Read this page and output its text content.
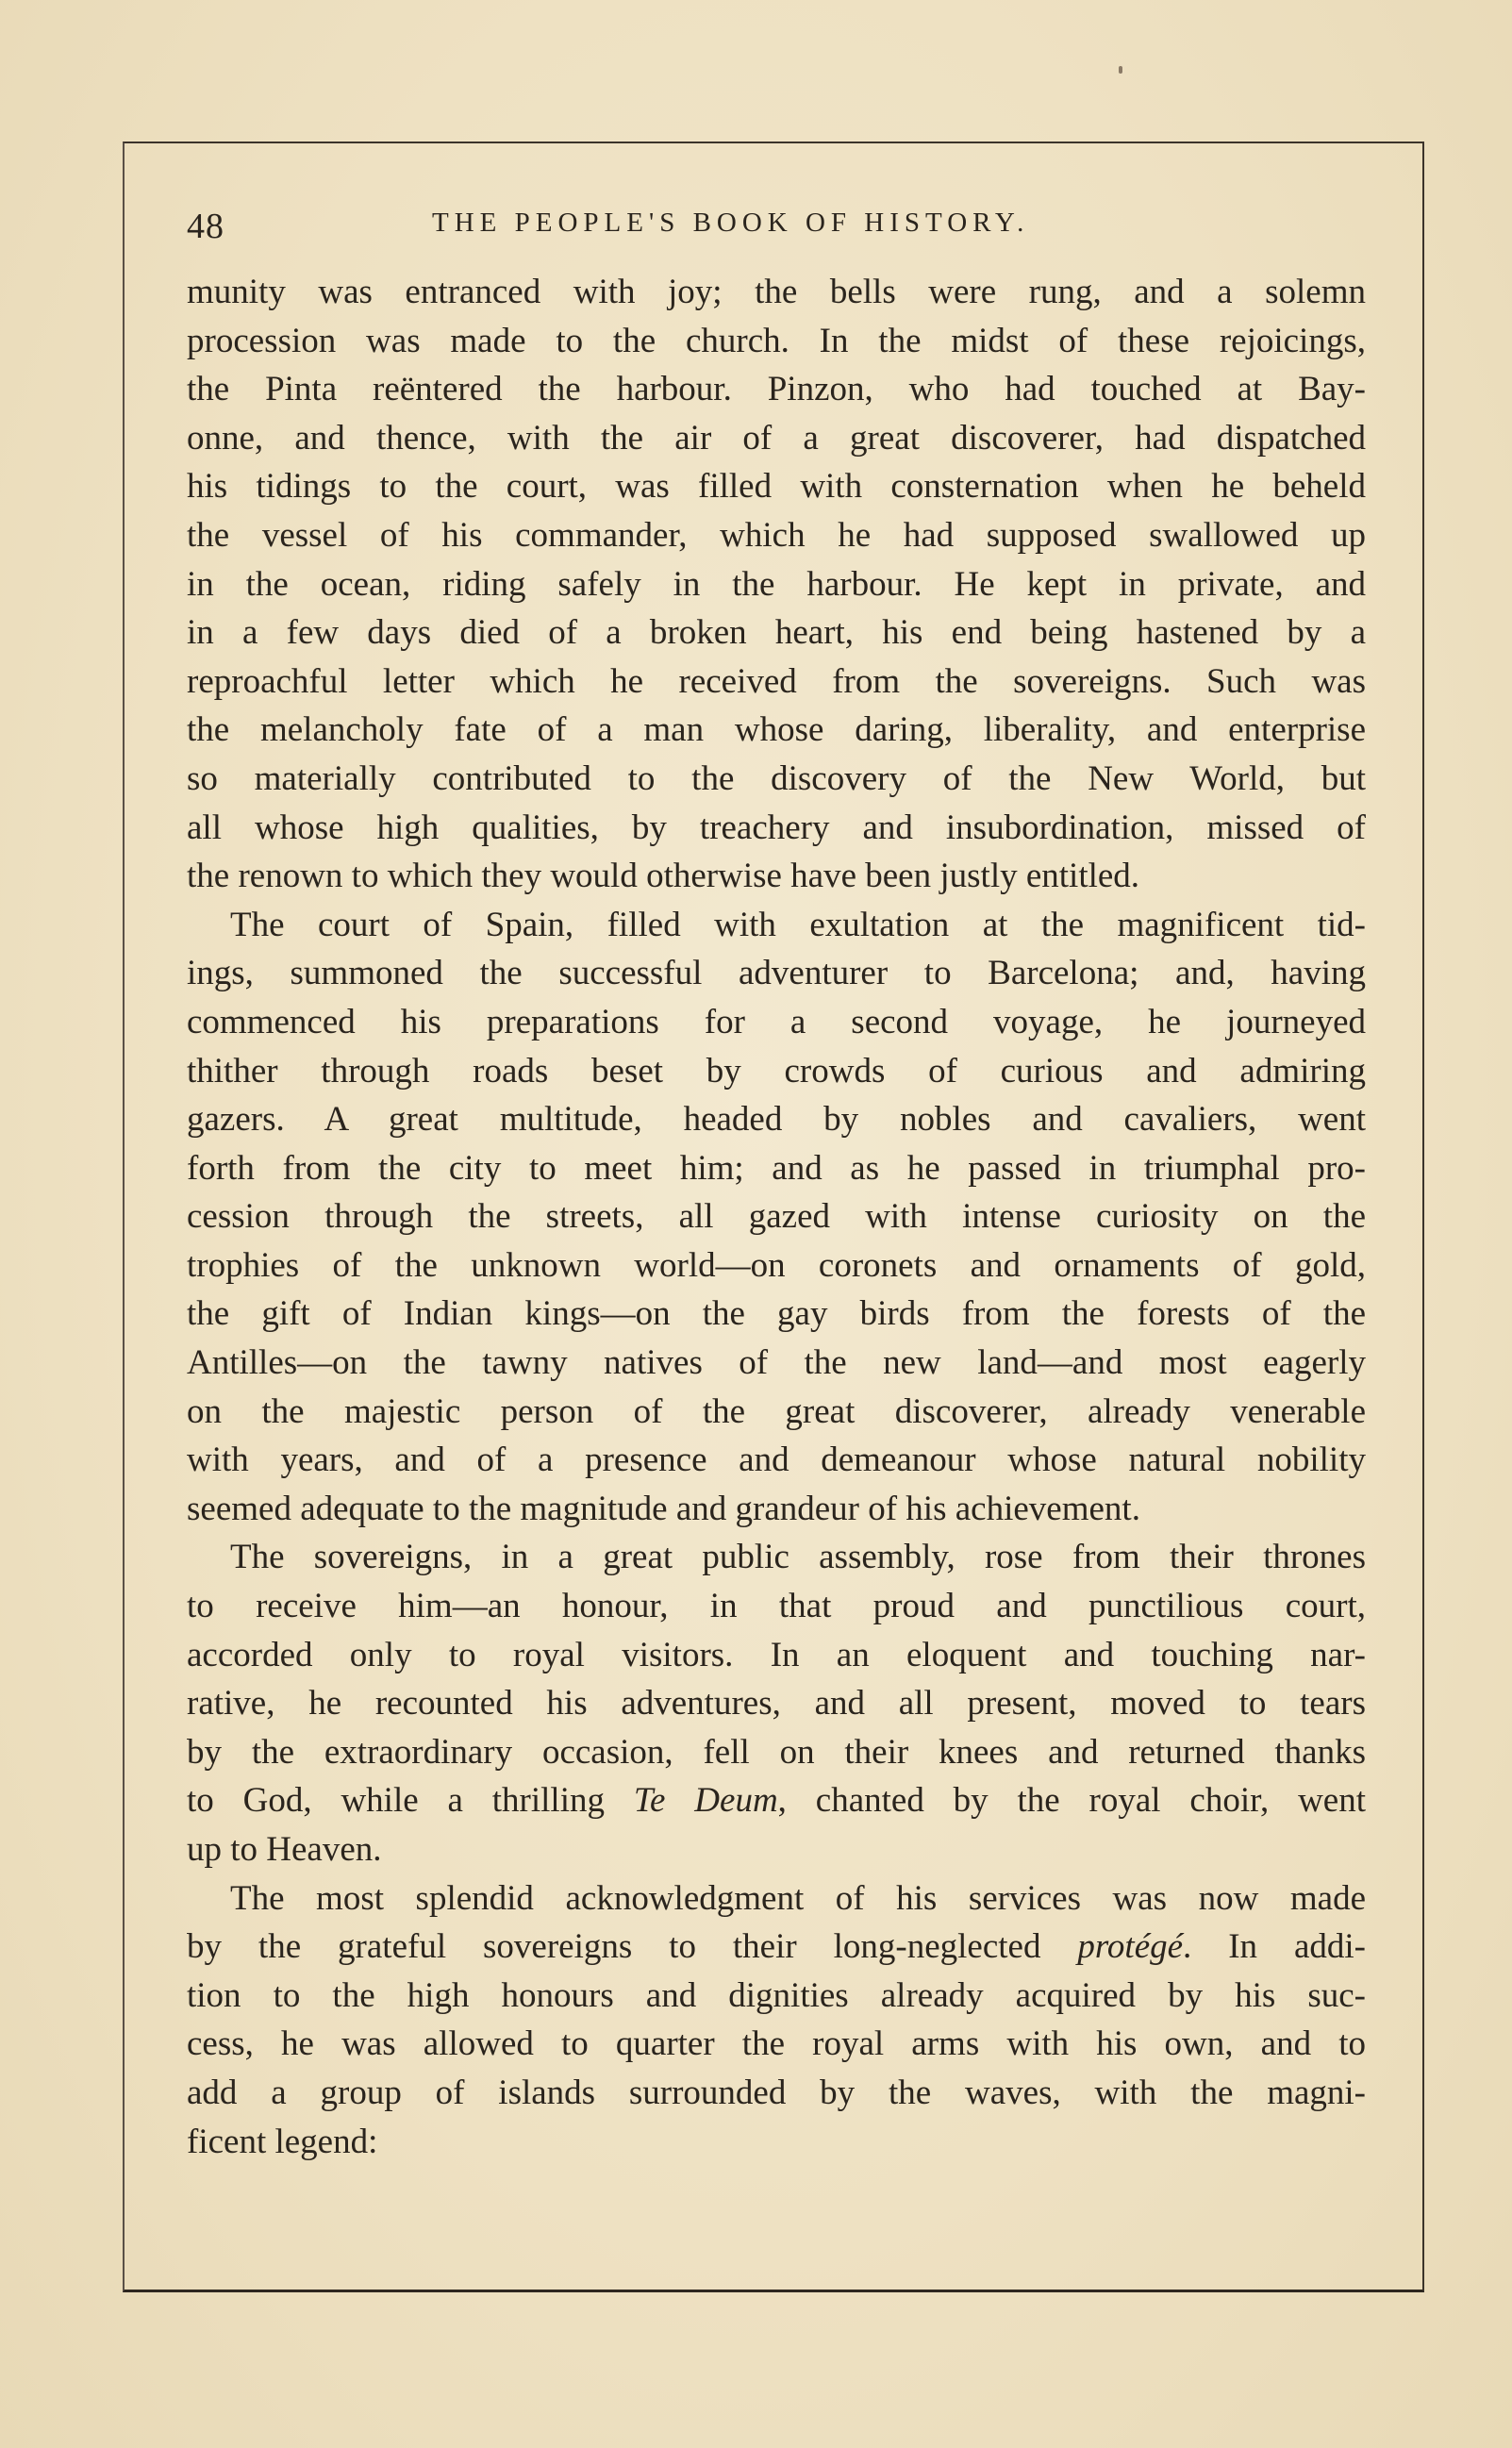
48	THE PEOPLE'S BOOK OF HISTORY.
munity was entranced with joy; the bells were rung, and a solemn
procession was made to the church. In the midst of these rejoicings,
the Pinta reëntered the harbour. Pinzon, who had touched at Bay-
onne, and thence, with the air of a great discoverer, had dispatched
his tidings to the court, was filled with consternation when he beheld
the vessel of his commander, which he had supposed swallowed up
in the ocean, riding safely in the harbour. He kept in private, and
in a few days died of a broken heart, his end being hastened by a
reproachful letter which he received from the sovereigns. Such was
the melancholy fate of a man whose daring, liberality, and enterprise
so materially contributed to the discovery of the New World, but
all whose high qualities, by treachery and insubordination, missed of
the renown to which they would otherwise have been justly entitled.
The court of Spain, filled with exultation at the magnificent tid-
ings, summoned the successful adventurer to Barcelona; and, having
commenced his preparations for a second voyage, he journeyed
thither through roads beset by crowds of curious and admiring
gazers. A great multitude, headed by nobles and cavaliers, went
forth from the city to meet him; and as he passed in triumphal pro-
cession through the streets, all gazed with intense curiosity on the
trophies of the unknown world—on coronets and ornaments of gold,
the gift of Indian kings—on the gay birds from the forests of the
Antilles—on the tawny natives of the new land—and most eagerly
on the majestic person of the great discoverer, already venerable
with years, and of a presence and demeanour whose natural nobility
seemed adequate to the magnitude and grandeur of his achievement.
The sovereigns, in a great public assembly, rose from their thrones
to receive him—an honour, in that proud and punctilious court,
accorded only to royal visitors. In an eloquent and touching nar-
rative, he recounted his adventures, and all present, moved to tears
by the extraordinary occasion, fell on their knees and returned thanks
to God, while a thrilling Te Deum, chanted by the royal choir, went
up to Heaven.
The most splendid acknowledgment of his services was now made
by the grateful sovereigns to their long-neglected protégé. In addi-
tion to the high honours and dignities already acquired by his suc-
cess, he was allowed to quarter the royal arms with his own, and to
add a group of islands surrounded by the waves, with the magni-
ficent legend:
